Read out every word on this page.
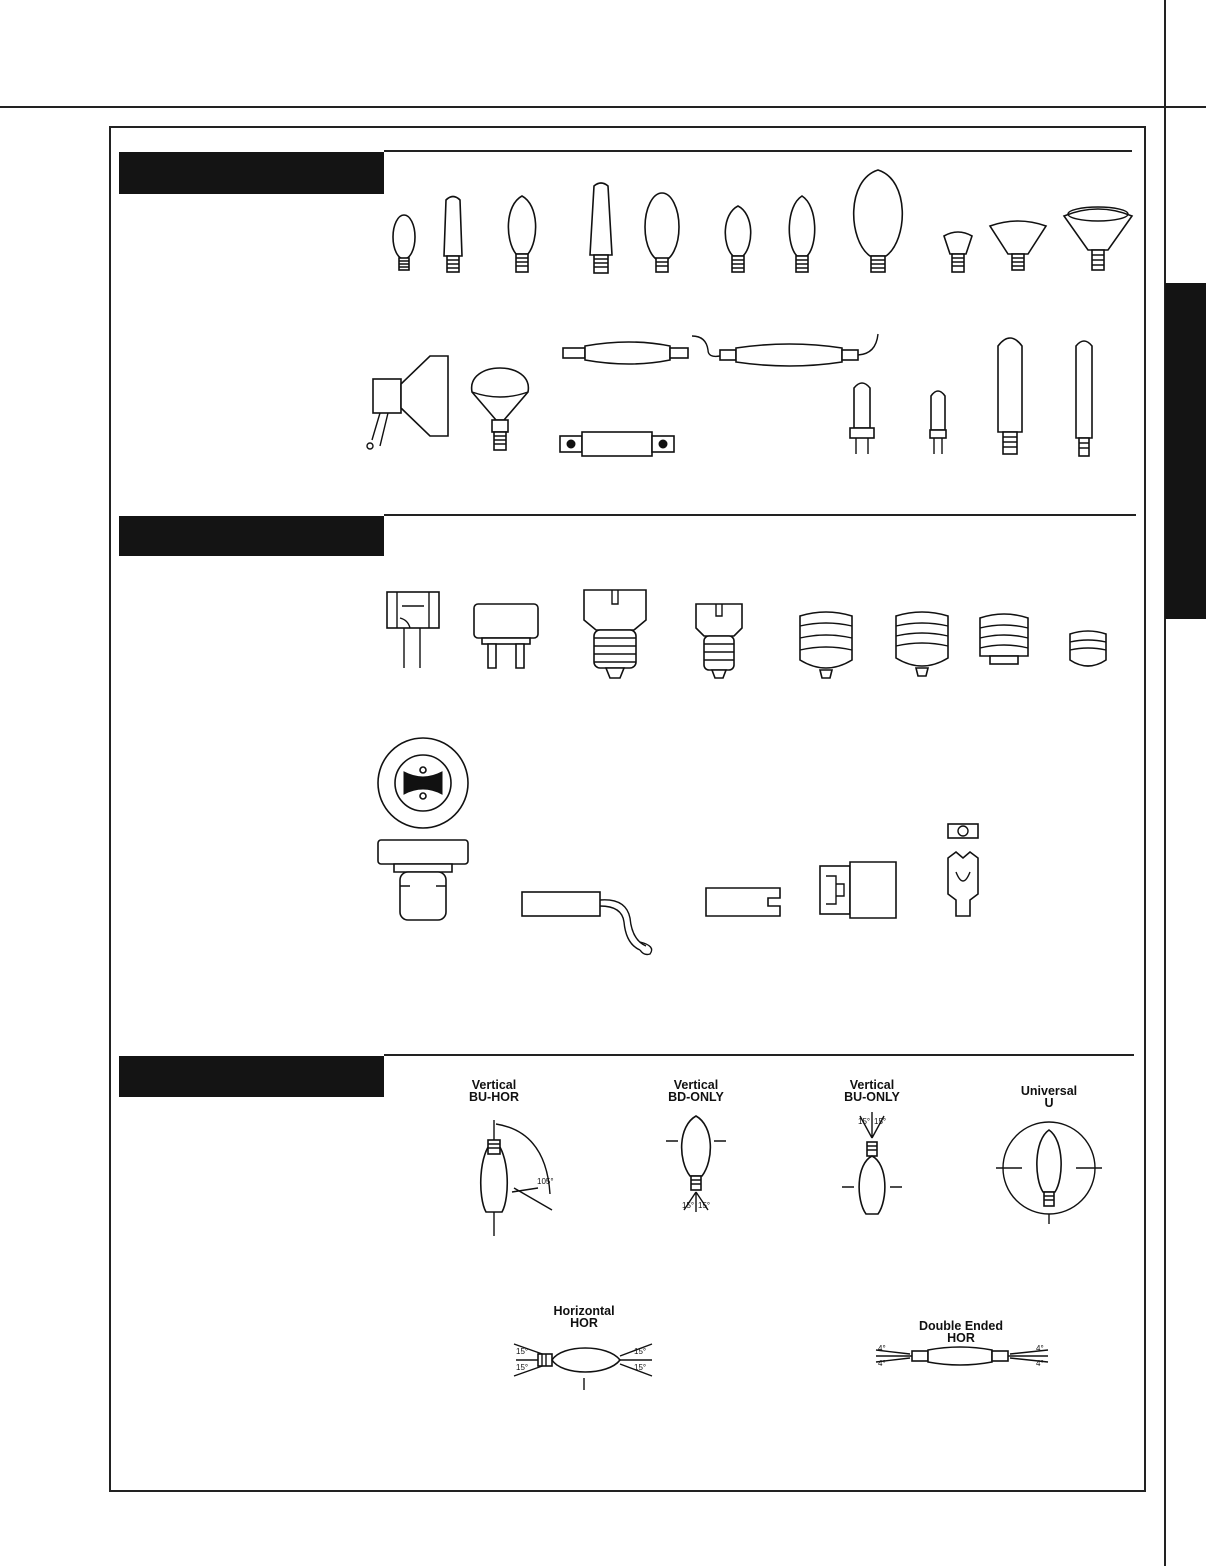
Vertical
BU-HOR
Vertical
BD-ONLY
Vertical
BU-ONLY	Universal
U
Horizontal
HOR	Double Ended
HOR
105°
15° 15°
15° 15°
15°
15°
15°
15°
4°
4°
4°
4°
